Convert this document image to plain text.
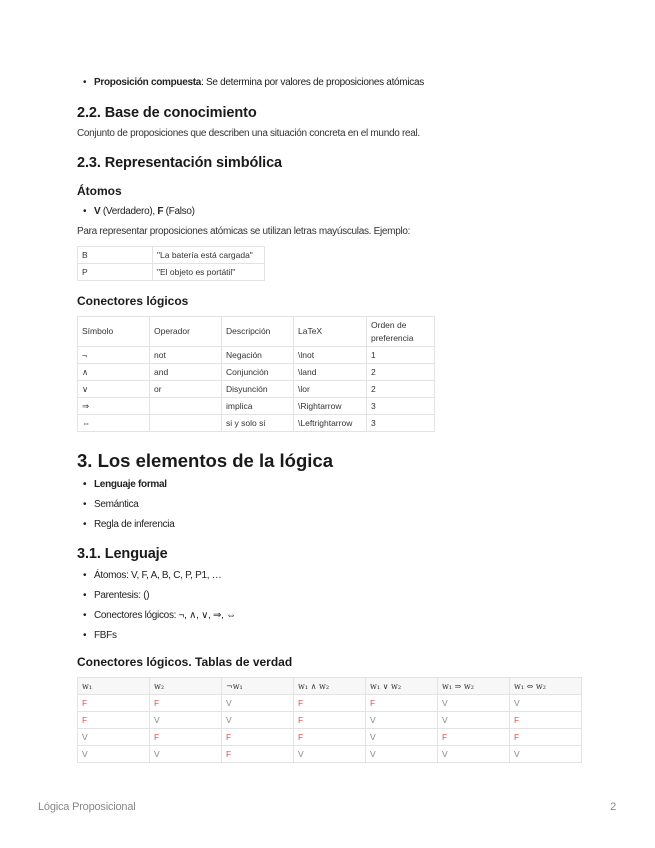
• Proposición compuesta: Se determina por valores de proposiciones atómicas
2.2. Base de conocimiento
Conjunto de proposiciones que describen una situación concreta en el mundo real.
2.3. Representación simbólica
Átomos
• V (Verdadero), F (Falso)
Para representar proposiciones atómicas se utilizan letras mayúsculas. Ejemplo:
B	"La batería está cargada"
P	"El objeto es portátil"
Conectores lógicos
Símbolo	Operador	Descripción	LaTeX	Orden de preferencia
¬	not	Negación	\lnot	1
∧	and	Conjunción	\land	2
∨	or	Disyunción	\lor	2
⇒		implica	\Rightarrow	3
⇔		si y solo si	\Leftrightarrow	3
3. Los elementos de la lógica
• Lenguaje formal
• Semántica
• Regla de inferencia
3.1. Lenguaje
• Átomos: V, F, A, B, C, P, P1, …
• Parentesis: ()
• Conectores lógicos: ¬, ∧, ∨, ⇒, ⇔
• FBFs
Conectores lógicos. Tablas de verdad
w₁	w₂	¬w₁	w₁ ∧ w₂	w₁ ∨ w₂	w₁ ⇒ w₂	w₁ ⇔ w₂
F	F	V	F	F	V	V
F	V	V	F	V	V	F
V	F	F	F	V	F	F
V	V	F	V	V	V	V
Lógica Proposicional	2
